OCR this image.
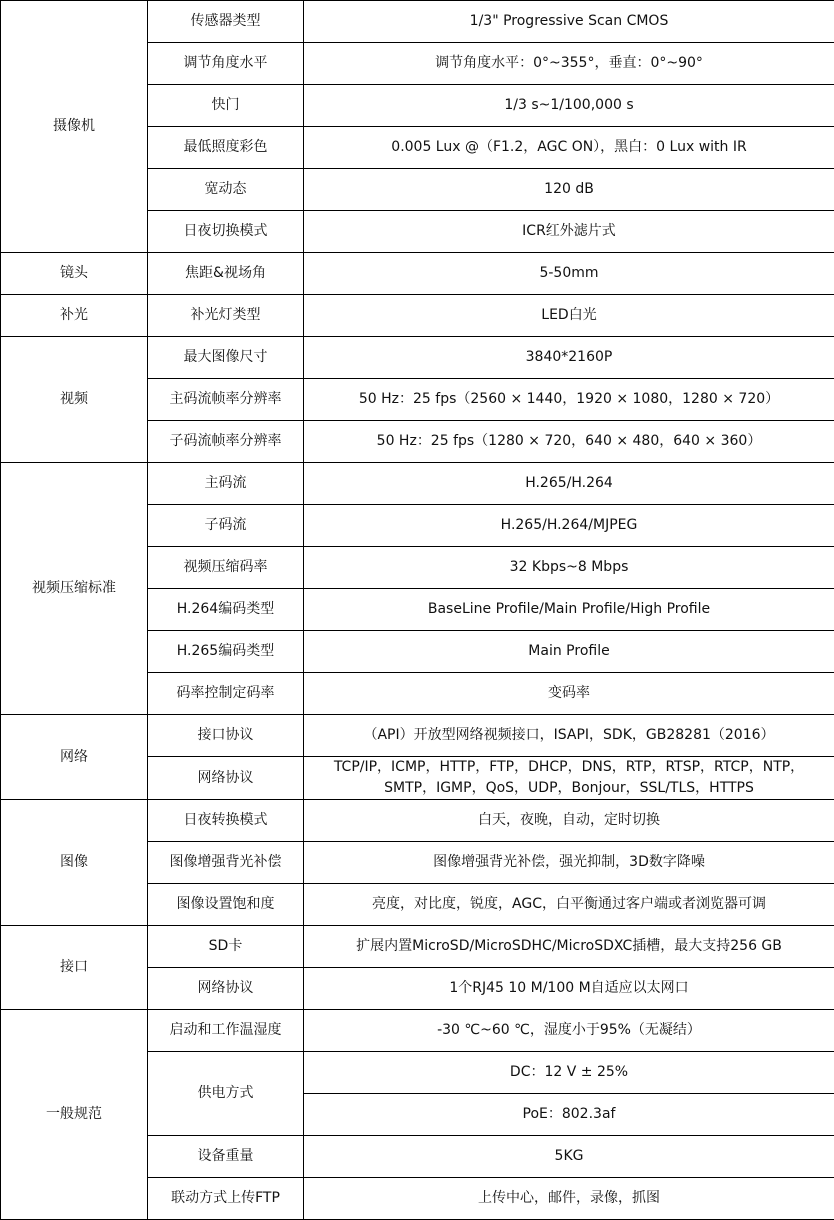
摄像机	传感器类型	1/3" Progressive Scan CMOS
	调节角度水平	调节角度水平：0°~355°，垂直：0°~90°
	快门	1/3 s~1/100,000 s
	最低照度彩色	0.005 Lux @（F1.2，AGC ON），黑白：0 Lux with IR
	宽动态	120 dB
	日夜切换模式	ICR红外滤片式
镜头	焦距&视场角	5-50mm
补光	补光灯类型	LED白光
视频	最大图像尺寸	3840*2160P
	主码流帧率分辨率	50 Hz：25 fps（2560 × 1440，1920 × 1080，1280 × 720）
	子码流帧率分辨率	50 Hz：25 fps（1280 × 720，640 × 480，640 × 360）
视频压缩标准	主码流	H.265/H.264
	子码流	H.265/H.264/MJPEG
	视频压缩码率	32 Kbps~8 Mbps
	H.264编码类型	BaseLine Profile/Main Profile/High Profile
	H.265编码类型	Main Profile
	码率控制定码率	变码率
网络	接口协议	（API）开放型网络视频接口，ISAPI，SDK，GB28281（2016）
	网络协议	TCP/IP，ICMP，HTTP，FTP，DHCP，DNS，RTP，RTSP，RTCP，NTP，SMTP，IGMP，QoS，UDP，Bonjour，SSL/TLS，HTTPS
图像	日夜转换模式	白天，夜晚，自动，定时切换
	图像增强背光补偿	图像增强背光补偿，强光抑制，3D数字降噪
	图像设置饱和度	亮度，对比度，锐度，AGC，白平衡通过客户端或者浏览器可调
接口	SD卡	扩展内置MicroSD/MicroSDHC/MicroSDXC插槽，最大支持256 GB
	网络协议	1个RJ45 10 M/100 M自适应以太网口
一般规范	启动和工作温湿度	-30 ℃~60 ℃，湿度小于95%（无凝结）
	供电方式	DC：12 V ± 25%
		PoE：802.3af
	设备重量	5KG
	联动方式上传FTP	上传中心，邮件，录像，抓图
